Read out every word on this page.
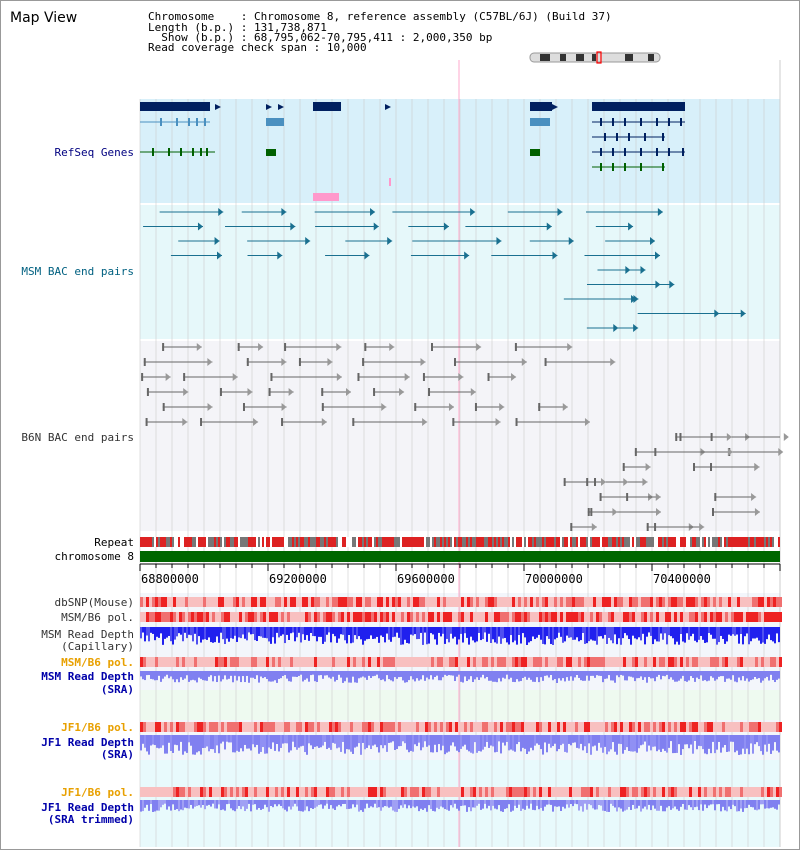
Map View	Chromosome    : Chromosome 8, reference assembly (C57BL/6J) (Build 37)
Length (b.p.) : 131,738,871
Show (b.p.) : 68,795,062-70,795,411 : 2,000,350 bp
Read coverage check span : 10,000
RefSeq Genes
MSM BAC end pairs
B6N BAC end pairs
Repeat
chromosome 8
68800000	69200000	69600000	70000000	70400000
dbSNP(Mouse)
MSM/B6 pol.
MSM Read Depth
(Capillary)
MSM/B6 pol.
MSM Read Depth
(SRA)
JF1/B6 pol.
JF1 Read Depth
(SRA)
JF1/B6 pol.
JF1 Read Depth
(SRA trimmed)
